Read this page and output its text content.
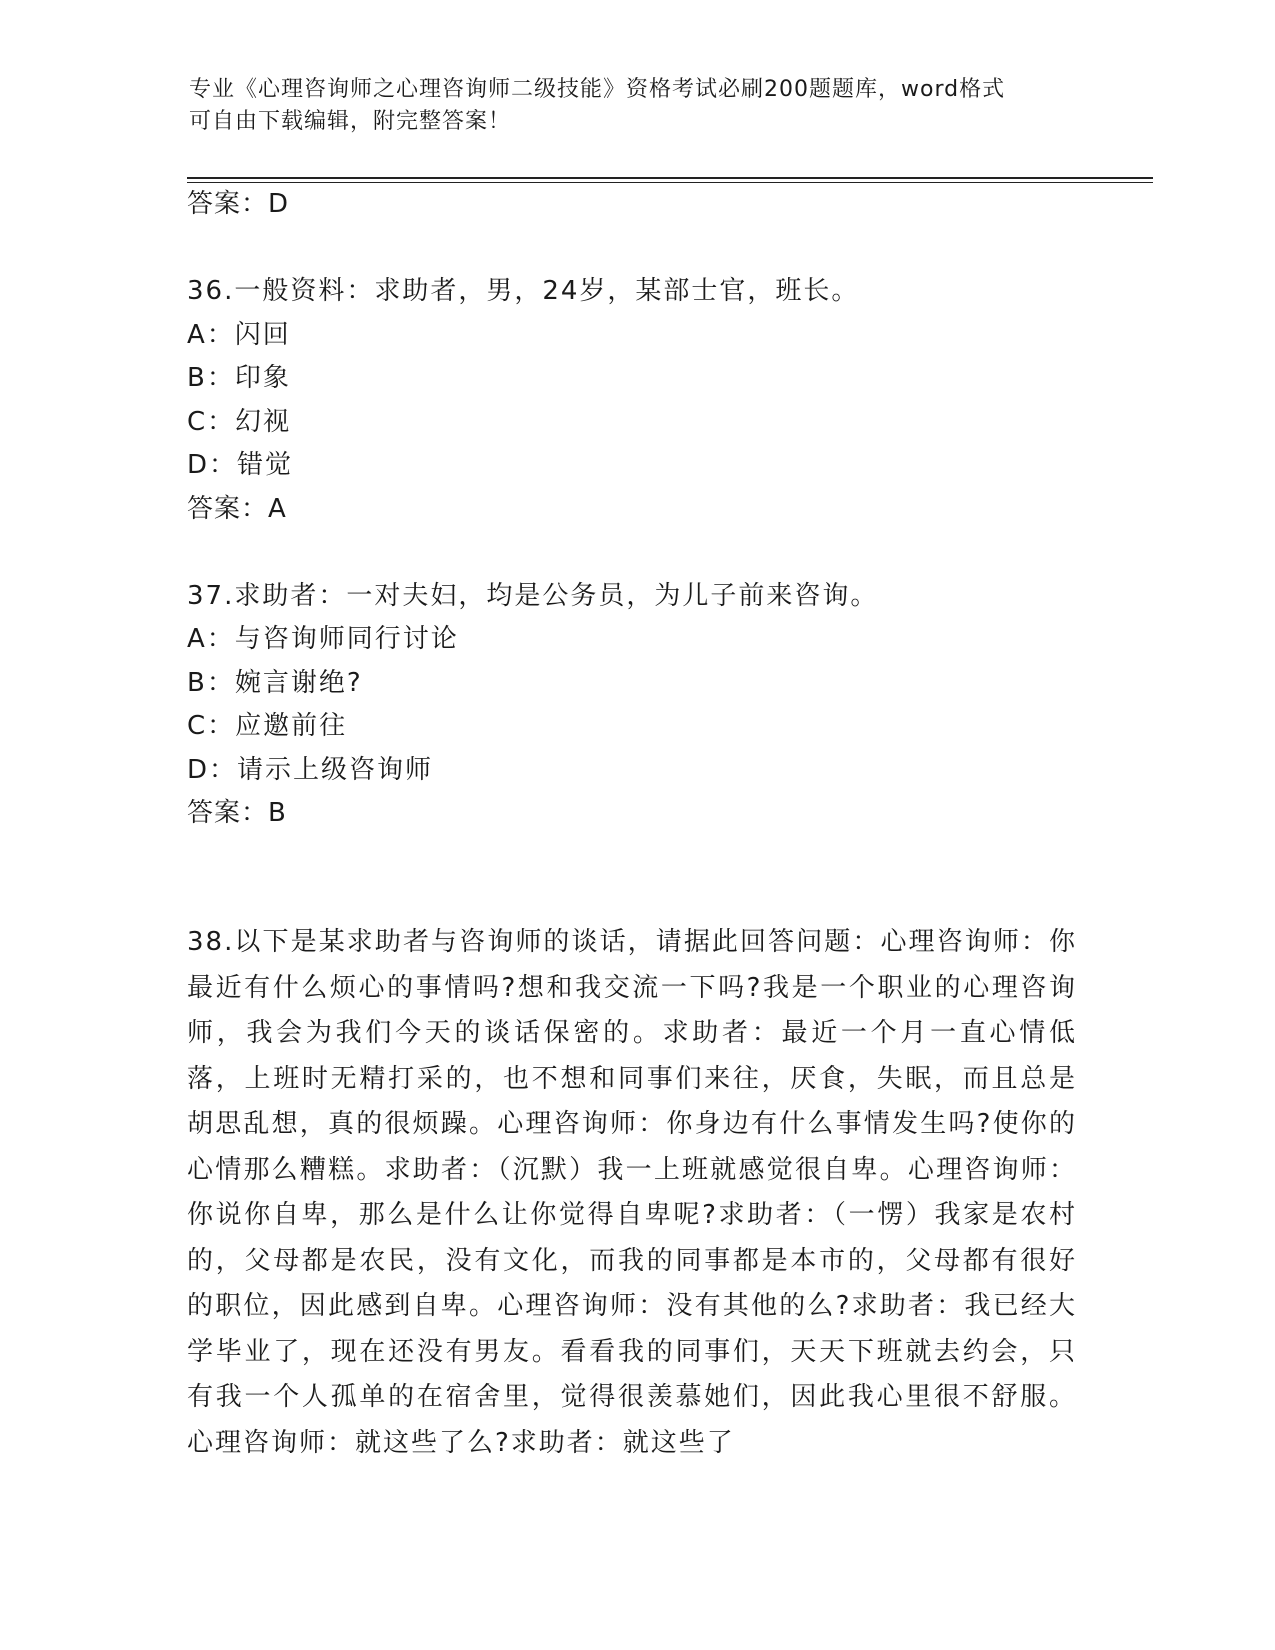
专业《心理咨询师之心理咨询师二级技能》资格考试必刷200题题库，word格式
可自由下载编辑，附完整答案！
答案：D
36.一般资料：求助者，男，24岁，某部士官，班长。
A：闪回
B：印象
C：幻视
D：错觉
答案：A
37.求助者：一对夫妇，均是公务员，为儿子前来咨询。
A：与咨询师同行讨论
B：婉言谢绝?
C：应邀前往
D：请示上级咨询师
答案：B
38.以下是某求助者与咨询师的谈话，请据此回答问题：心理咨询师：你最近有什么烦心的事情吗?想和我交流一下吗?我是一个职业的心理咨询师，我会为我们今天的谈话保密的。求助者：最近一个月一直心情低落，上班时无精打采的，也不想和同事们来往，厌食，失眠，而且总是胡思乱想，真的很烦躁。心理咨询师：你身边有什么事情发生吗?使你的心情那么糟糕。求助者：（沉默）我一上班就感觉很自卑。心理咨询师：你说你自卑，那么是什么让你觉得自卑呢?求助者：（一愣）我家是农村的，父母都是农民，没有文化，而我的同事都是本市的，父母都有很好的职位，因此感到自卑。心理咨询师：没有其他的么?求助者：我已经大学毕业了，现在还没有男友。看看我的同事们，天天下班就去约会，只有我一个人孤单的在宿舍里，觉得很羡慕她们，因此我心里很不舒服。心理咨询师：就这些了么?求助者：就这些了
